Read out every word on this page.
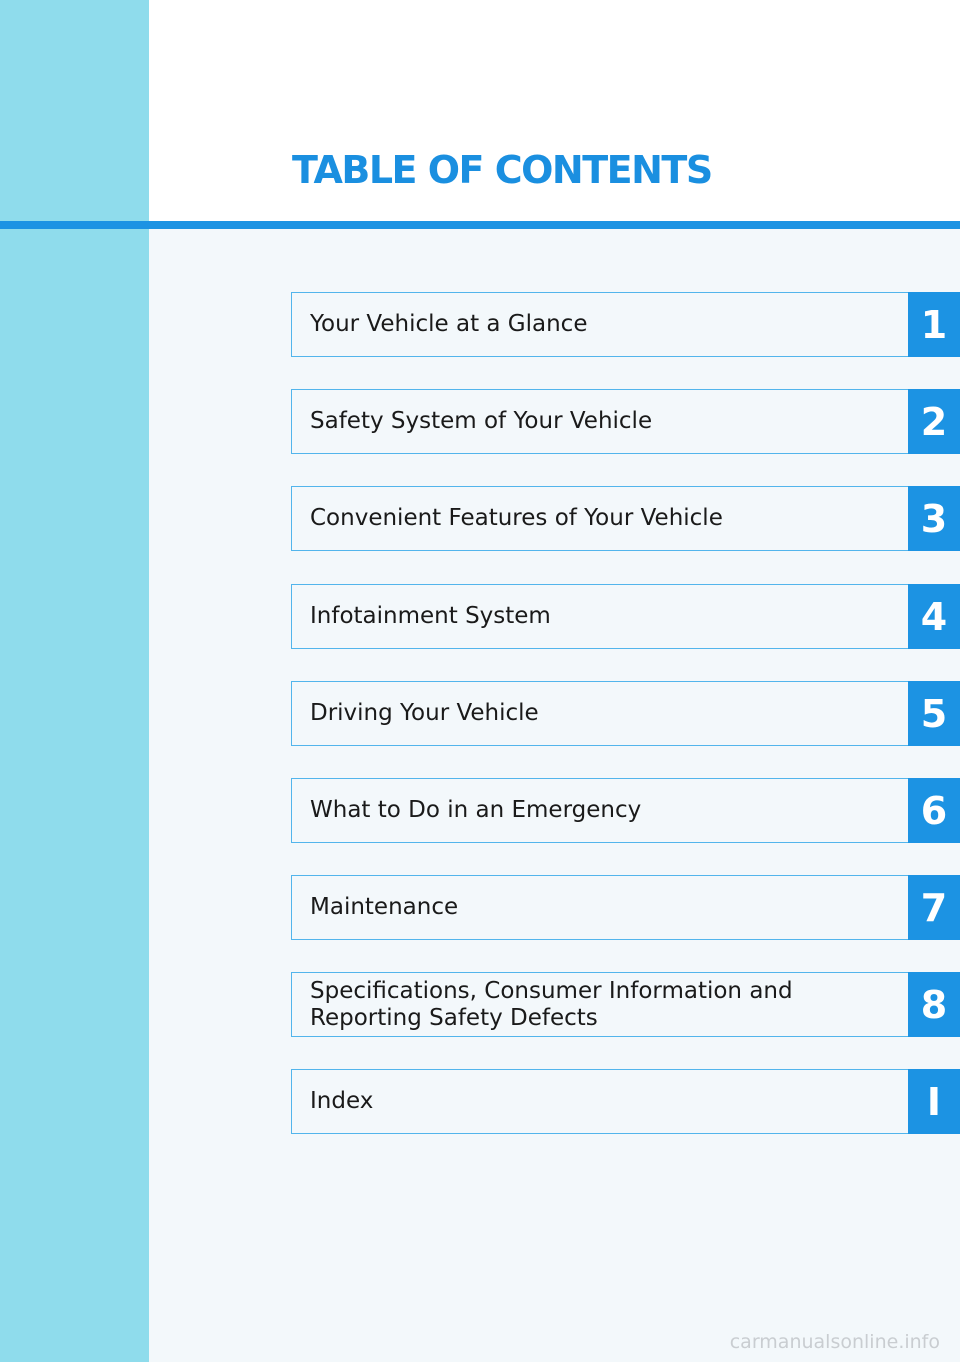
TABLE OF CONTENTS
Your Vehicle at a Glance	1
Safety System of Your Vehicle	2
Convenient Features of Your Vehicle	3
Infotainment System	4
Driving Your Vehicle	5
What to Do in an Emergency	6
Maintenance	7
Specifications, Consumer Information and
Reporting Safety Defects	8
Index	I
carmanualsonline.info
